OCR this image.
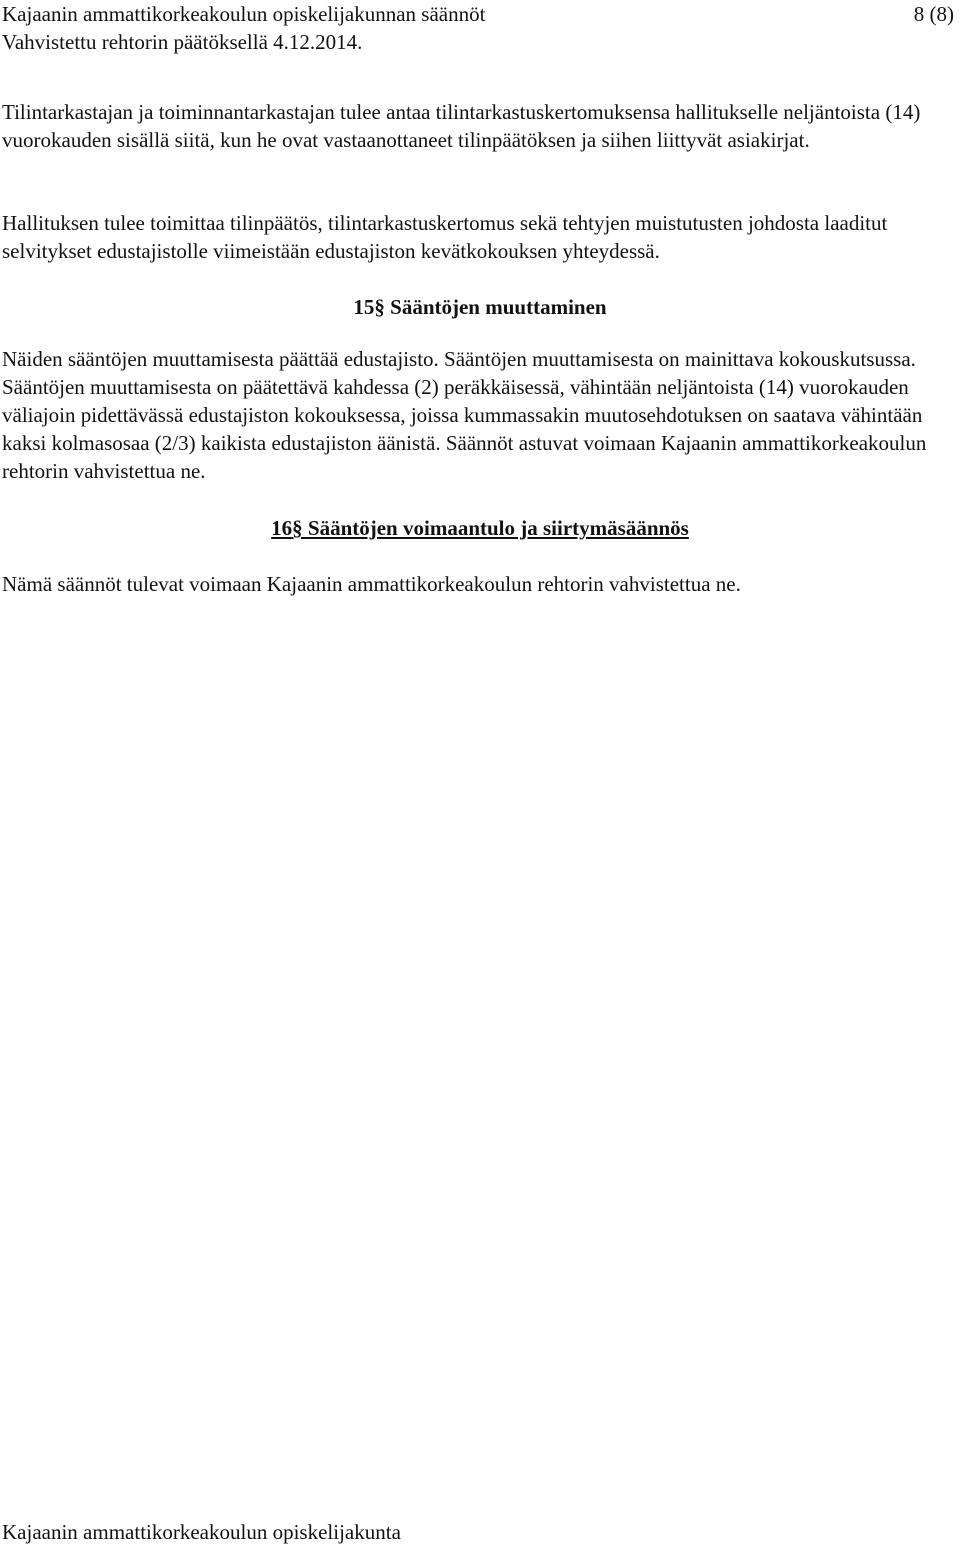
Kajaanin ammattikorkeakoulun opiskelijakunnan säännöt
Vahvistettu rehtorin päätöksellä 4.12.2014.
8 (8)

Tilintarkastajan ja toiminnantarkastajan tulee antaa tilintarkastuskertomuksensa hallitukselle neljäntoista (14) vuorokauden sisällä siitä, kun he ovat vastaanottaneet tilinpäätöksen ja siihen liittyvät asiakirjat.

Hallituksen tulee toimittaa tilinpäätös, tilintarkastuskertomus sekä tehtyjen muistutusten johdosta laaditut selvitykset edustajistolle viimeistään edustajiston kevätkokouksen yhteydessä.

15§ Sääntöjen muuttaminen

Näiden sääntöjen muuttamisesta päättää edustajisto. Sääntöjen muuttamisesta on mainittava kokouskutsussa. Sääntöjen muuttamisesta on päätettävä kahdessa (2) peräkkäisessä, vähintään neljäntoista (14) vuorokauden väliajoin pidettävässä edustajiston kokouksessa, joissa kummassakin muutosehdotuksen on saatava vähintään kaksi kolmasosaa (2/3) kaikista edustajiston äänistä. Säännöt astuvat voimaan Kajaanin ammattikorkeakoulun rehtorin vahvistettua ne.

16§ Sääntöjen voimaantulo ja siirtymäsäännös

Nämä säännöt tulevat voimaan Kajaanin ammattikorkeakoulun rehtorin vahvistettua ne.

Kajaanin ammattikorkeakoulun opiskelijakunta
